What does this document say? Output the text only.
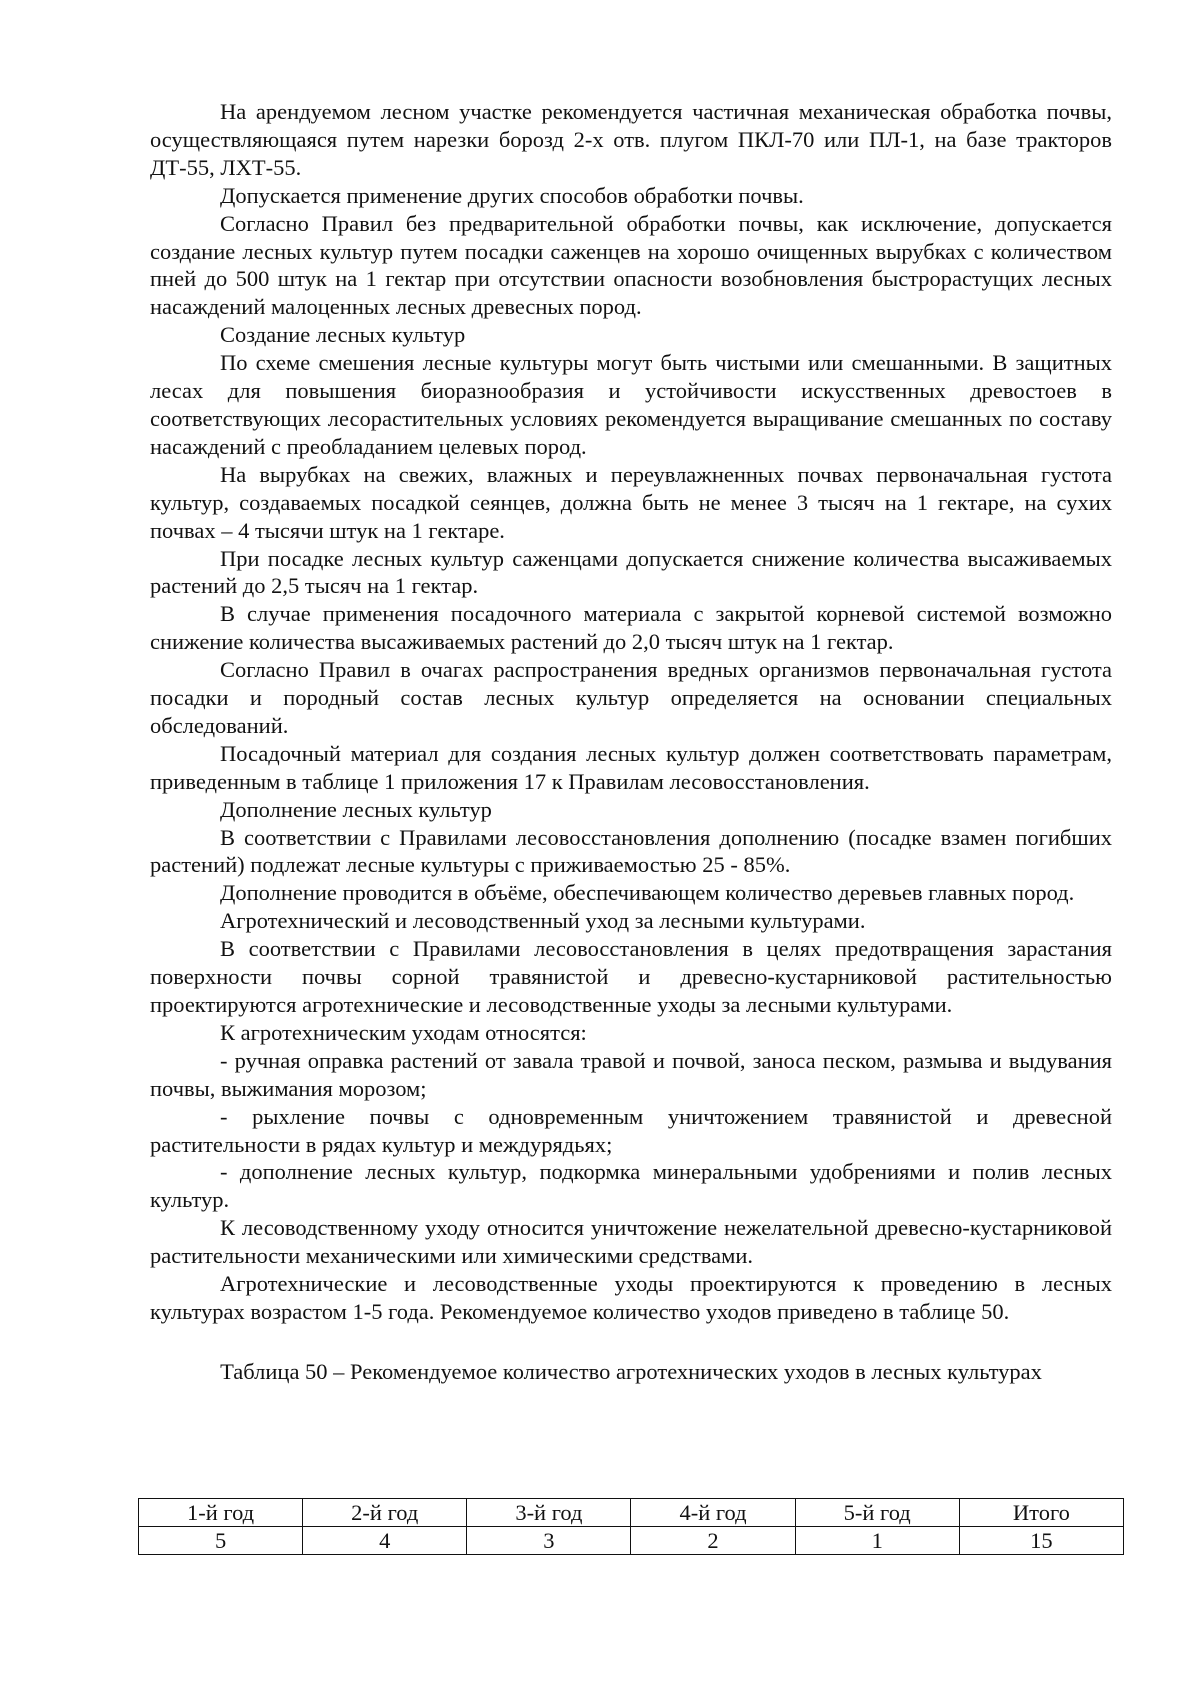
На арендуемом лесном участке рекомендуется частичная механическая обработка почвы, осуществляющаяся путем нарезки борозд 2-х отв. плугом ПКЛ-70 или ПЛ-1, на базе тракторов ДТ-55, ЛХТ-55.

Допускается применение других способов обработки почвы.

Согласно Правил без предварительной обработки почвы, как исключение, допускается создание лесных культур путем посадки саженцев на хорошо очищенных вырубках с количеством пней до 500 штук на 1 гектар при отсутствии опасности возобновления быстрорастущих лесных насаждений малоценных лесных древесных пород.

Создание лесных культур

По схеме смешения лесные культуры могут быть чистыми или смешанными. В защитных лесах для повышения биоразнообразия и устойчивости искусственных древостоев в соответствующих лесорастительных условиях рекомендуется выращивание смешанных по составу насаждений с преобладанием целевых пород.

На вырубках на свежих, влажных и переувлажненных почвах первоначальная густота культур, создаваемых посадкой сеянцев, должна быть не менее 3 тысяч на 1 гектаре, на сухих почвах – 4 тысячи штук на 1 гектаре.

При посадке лесных культур саженцами допускается снижение количества высаживаемых растений до 2,5 тысяч на 1 гектар.

В случае применения посадочного материала с закрытой корневой системой возможно снижение количества высаживаемых растений до 2,0 тысяч штук на 1 гектар.

Согласно Правил в очагах распространения вредных организмов первоначальная густота посадки и породный состав лесных культур определяется на основании специальных обследований.

Посадочный материал для создания лесных культур должен соответствовать параметрам, приведенным в таблице 1 приложения 17 к Правилам лесовосстановления.

Дополнение лесных культур

В соответствии с Правилами лесовосстановления дополнению (посадке взамен погибших растений) подлежат лесные культуры с приживаемостью 25 - 85%.

Дополнение проводится в объёме, обеспечивающем количество деревьев главных пород.

Агротехнический и лесоводственный уход за лесными культурами.

В соответствии с Правилами лесовосстановления в целях предотвращения зарастания поверхности почвы сорной травянистой и древесно-кустарниковой растительностью проектируются агротехнические и лесоводственные уходы за лесными культурами.

К агротехническим уходам относятся:

- ручная оправка растений от завала травой и почвой, заноса песком, размыва и выдувания почвы, выжимания морозом;

- рыхление почвы с одновременным уничтожением травянистой и древесной растительности в рядах культур и междурядьях;

- дополнение лесных культур, подкормка минеральными удобрениями и полив лесных культур.

К лесоводственному уходу относится уничтожение нежелательной древесно-кустарниковой растительности механическими или химическими средствами.

Агротехнические и лесоводственные уходы проектируются к проведению в лесных культурах возрастом 1-5 года. Рекомендуемое количество уходов приведено в таблице 50.

Таблица 50 – Рекомендуемое количество агротехнических уходов в лесных культурах

1-й год	2-й год	3-й год	4-й год	5-й год	Итого
5	4	3	2	1	15
